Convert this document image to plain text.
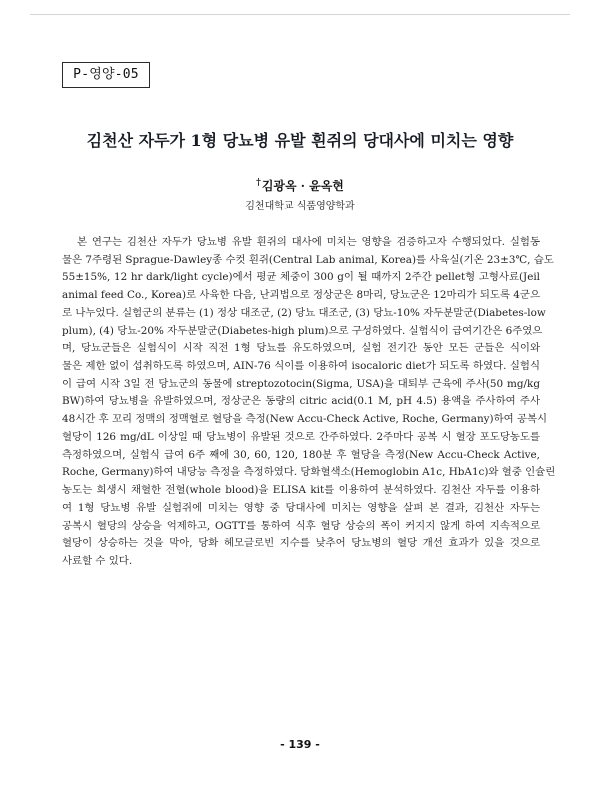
P-영양-05
김천산 자두가 1형 당뇨병 유발 흰쥐의 당대사에 미치는 영향
†김광옥 · 윤옥현
김천대학교 식품영양학과
본 연구는 김천산 자두가 당뇨병 유발 흰쥐의 대사에 미치는 영향을 검증하고자 수행되었다. 실험동
물은 7주령된 Sprague-Dawley종 수컷 흰쥐(Central Lab animal, Korea)를 사육실(기온 23±3℃, 습도
55±15%, 12 hr dark/light cycle)에서 평균 체중이 300 g이 될 때까지 2주간 pellet형 고형사료(Jeil
animal feed Co., Korea)로 사육한 다음, 난괴법으로 정상군은 8마리, 당뇨군은 12마리가 되도록 4군으
로 나누었다. 실험군의 분류는 (1) 정상 대조군, (2) 당뇨 대조군, (3) 당뇨-10% 자두분말군(Diabetes-low
plum), (4) 당뇨-20% 자두분말군(Diabetes-high plum)으로 구성하였다. 실험식이 급여기간은 6주였으
며, 당뇨군들은 실험식이 시작 직전 1형 당뇨를 유도하였으며, 실험 전기간 동안 모든 군들은 식이와
물은 제한 없이 섭취하도록 하였으며, AIN-76 식이를 이용하여 isocaloric diet가 되도록 하였다. 실험식
이 급여 시작 3일 전 당뇨군의 동물에 streptozotocin(Sigma, USA)을 대퇴부 근육에 주사(50 mg/kg
BW)하여 당뇨병을 유발하였으며, 정상군은 동량의 citric acid(0.1 M, pH 4.5) 용액을 주사하여 주사
48시간 후 꼬리 정맥의 정맥혈로 혈당을 측정(New Accu-Check Active, Roche, Germany)하여 공복시
혈당이 126 mg/dL 이상일 때 당뇨병이 유발된 것으로 간주하였다. 2주마다 공복 시 혈장 포도당농도를
측정하였으며, 실험식 급여 6주 째에 30, 60, 120, 180분 후 혈당을 측정(New Accu-Check Active,
Roche, Germany)하여 내당능 측정을 측정하였다. 당화혈색소(Hemoglobin A1c, HbA1c)와 혈중 인슐린
농도는 희생시 채혈한 전혈(whole blood)을 ELISA kit를 이용하여 분석하였다. 김천산 자두를 이용하
여 1형 당뇨병 유발 실험쥐에 미치는 영향 중 당대사에 미치는 영향을 살펴 본 결과, 김천산 자두는
공복시 혈당의 상승을 억제하고, OGTT를 통하여 식후 혈당 상승의 폭이 커지지 않게 하여 지속적으로
혈당이 상승하는 것을 막아, 당화 헤모글로빈 지수를 낮추어 당뇨병의 혈당 개선 효과가 있을 것으로
사료할 수 있다.
- 139 -
